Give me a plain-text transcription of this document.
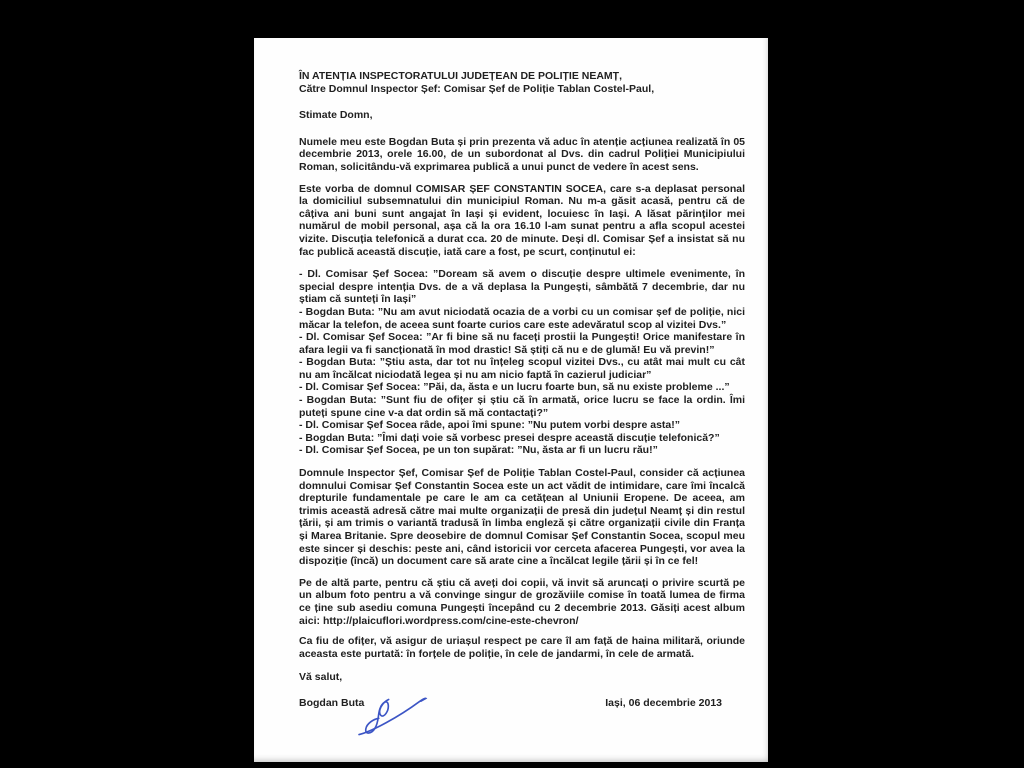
ÎN ATENȚIA INSPECTORATULUI JUDEȚEAN DE POLIȚIE NEAMȚ,

Către Domnul Inspector Șef: Comisar Șef de Poliție Tablan Costel-Paul,

Stimate Domn,

Numele meu este Bogdan Buta și prin prezenta vă aduc în atenție acțiunea realizată în 05 decembrie 2013, orele 16.00, de un subordonat al Dvs. din cadrul Poliției Municipiului Roman, solicitându-vă exprimarea publică a unui punct de vedere în acest sens.

Este vorba de domnul COMISAR ȘEF CONSTANTIN SOCEA, care s-a deplasat personal la domiciliul subsemnatului din municipiul Roman. Nu m-a găsit acasă, pentru că de câțiva ani buni sunt angajat în Iași și evident, locuiesc în Iași. A lăsat părinților mei numărul de mobil personal, așa că la ora 16.10 l-am sunat pentru a afla scopul acestei vizite. Discuția telefonică a durat cca. 20 de minute. Deși dl. Comisar Șef a insistat să nu fac publică această discuție, iată care a fost, pe scurt, conținutul ei:

- Dl. Comisar Șef Socea: ”Doream să avem o discuție despre ultimele evenimente, în special despre intenția Dvs. de a vă deplasa la Pungești, sâmbătă 7 decembrie, dar nu știam că sunteți în Iași”

- Bogdan Buta: ”Nu am avut niciodată ocazia de a vorbi cu un comisar șef de poliție, nici măcar la telefon, de aceea sunt foarte curios care este adevăratul scop al vizitei Dvs.”

- Dl. Comisar Șef Socea: ”Ar fi bine să nu faceți prostii la Pungești! Orice manifestare în afara legii va fi sancționată în mod drastic! Să știți că nu e de glumă! Eu vă previn!”

- Bogdan Buta: ”Știu asta, dar tot nu înțeleg scopul vizitei Dvs., cu atât mai mult cu cât nu am încălcat niciodată legea și nu am nicio faptă în cazierul judiciar”

- Dl. Comisar Șef Socea: ”Păi, da, ăsta e un lucru foarte bun, să nu existe probleme ...”

- Bogdan Buta: ”Sunt fiu de ofițer și știu că în armată, orice lucru se face la ordin. Îmi puteți spune cine v-a dat ordin să mă contactați?”

- Dl. Comisar Șef Socea râde, apoi îmi spune: ”Nu putem vorbi despre asta!”

- Bogdan Buta: ”Îmi dați voie să vorbesc presei despre această discuție telefonică?”

- Dl. Comisar Șef Socea, pe un ton supărat: ”Nu, ăsta ar fi un lucru rău!”

Domnule Inspector Șef, Comisar Șef de Poliție Tablan Costel-Paul, consider că acțiunea domnului Comisar Șef Constantin Socea este un act vădit de intimidare, care îmi încalcă drepturile fundamentale pe care le am ca cetățean al Uniunii Eropene. De aceea, am trimis această adresă către mai multe organizații de presă din județul Neamț și din restul țării, și am trimis o variantă tradusă în limba engleză și către organizații civile din Franța și Marea Britanie. Spre deosebire de domnul Comisar Șef Constantin Socea, scopul meu este sincer și deschis: peste ani, când istoricii vor cerceta afacerea Pungești, vor avea la dispoziție (încă) un document care să arate cine a încălcat legile țării și în ce fel!

Pe de altă parte, pentru că știu că aveți doi copii, vă invit să aruncați o privire scurtă pe un album foto pentru a vă convinge singur de grozăviile comise în toată lumea de firma ce ține sub asediu comuna Pungești începând cu 2 decembrie 2013. Găsiți acest album aici: http://plaicuflori.wordpress.com/cine-este-chevron/

Ca fiu de ofițer, vă asigur de uriașul respect pe care îl am față de haina militară, oriunde aceasta este purtată: în forțele de poliție, în cele de jandarmi, în cele de armată.

Vă salut,

Bogdan Buta	Iași, 06 decembrie 2013
